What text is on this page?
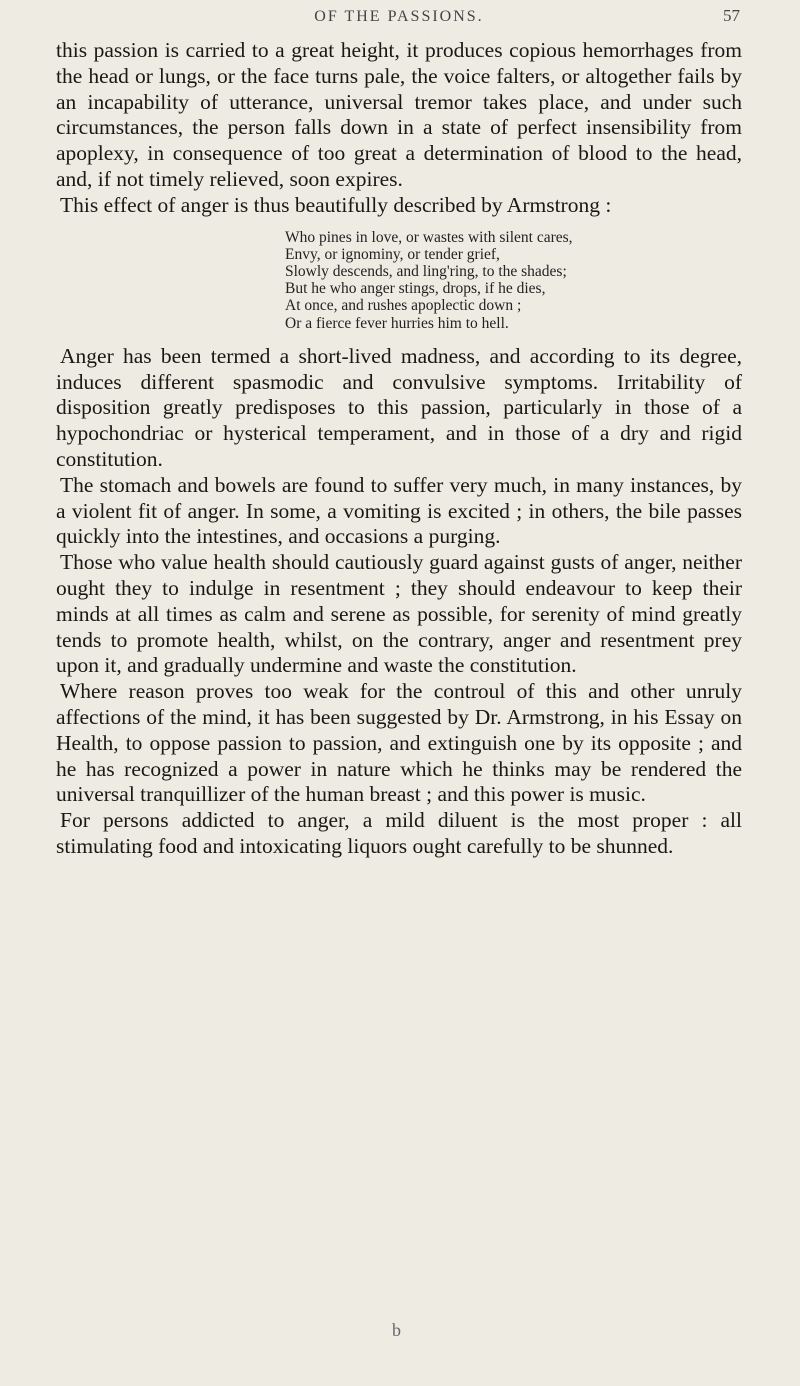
OF THE PASSIONS.	57

this passion is carried to a great height, it produces copious hemorrhages from the head or lungs, or the face turns pale, the voice falters, or altogether fails by an incapability of utterance, universal tremor takes place, and under such circumstances, the person falls down in a state of perfect insensibility from apoplexy, in consequence of too great a determination of blood to the head, and, if not timely relieved, soon expires.

This effect of anger is thus beautifully described by Armstrong :

Who pines in love, or wastes with silent cares,
Envy, or ignominy, or tender grief,
Slowly descends, and ling'ring, to the shades;
But he who anger stings, drops, if he dies,
At once, and rushes apoplectic down ;
Or a fierce fever hurries him to hell.

Anger has been termed a short-lived madness, and according to its degree, induces different spasmodic and convulsive symptoms. Irritability of disposition greatly predisposes to this passion, particularly in those of a hypochondriac or hysterical temperament, and in those of a dry and rigid constitution.

The stomach and bowels are found to suffer very much, in many instances, by a violent fit of anger. In some, a vomiting is excited ; in others, the bile passes quickly into the intestines, and occasions a purging.

Those who value health should cautiously guard against gusts of anger, neither ought they to indulge in resentment ; they should endeavour to keep their minds at all times as calm and serene as possible, for serenity of mind greatly tends to promote health, whilst, on the contrary, anger and resentment prey upon it, and gradually undermine and waste the constitution.

Where reason proves too weak for the controul of this and other unruly affections of the mind, it has been suggested by Dr. Armstrong, in his Essay on Health, to oppose passion to passion, and extinguish one by its opposite ; and he has recognized a power in nature which he thinks may be rendered the universal tranquillizer of the human breast ; and this power is music.

For persons addicted to anger, a mild diluent is the most proper : all stimulating food and intoxicating liquors ought carefully to be shunned.

b
